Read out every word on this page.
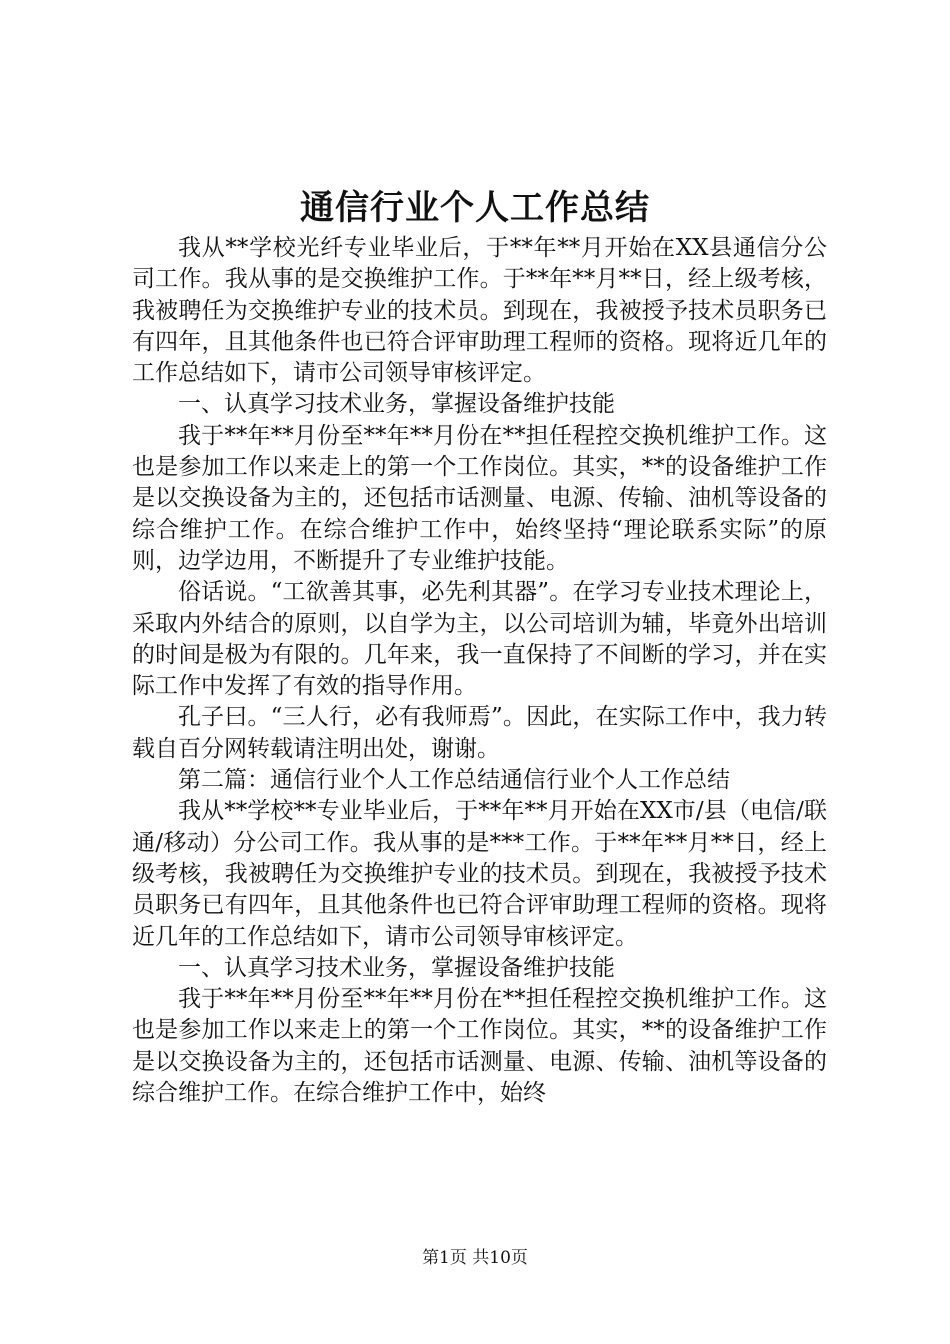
通信行业个人工作总结

我从**学校光纤专业毕业后，于**年**月开始在XX县通信分公司工作。我从事的是交换维护工作。于**年**月**日，经上级考核，我被聘任为交换维护专业的技术员。到现在，我被授予技术员职务已有四年，且其他条件也已符合评审助理工程师的资格。现将近几年的工作总结如下，请市公司领导审核评定。

一、认真学习技术业务，掌握设备维护技能

我于**年**月份至**年**月份在**担任程控交换机维护工作。这也是参加工作以来走上的第一个工作岗位。其实，**的设备维护工作是以交换设备为主的，还包括市话测量、电源、传输、油机等设备的综合维护工作。在综合维护工作中，始终坚持“理论联系实际”的原则，边学边用，不断提升了专业维护技能。

俗话说。“工欲善其事，必先利其器”。在学习专业技术理论上，采取内外结合的原则，以自学为主，以公司培训为辅，毕竟外出培训的时间是极为有限的。几年来，我一直保持了不间断的学习，并在实际工作中发挥了有效的指导作用。

孔子曰。“三人行，必有我师焉”。因此，在实际工作中，我力转载自百分网转载请注明出处，谢谢。

第二篇：通信行业个人工作总结通信行业个人工作总结

我从**学校**专业毕业后，于**年**月开始在XX市/县（电信/联通/移动）分公司工作。我从事的是***工作。于**年**月**日，经上级考核，我被聘任为交换维护专业的技术员。到现在，我被授予技术员职务已有四年，且其他条件也已符合评审助理工程师的资格。现将近几年的工作总结如下，请市公司领导审核评定。

一、认真学习技术业务，掌握设备维护技能

我于**年**月份至**年**月份在**担任程控交换机维护工作。这也是参加工作以来走上的第一个工作岗位。其实，**的设备维护工作是以交换设备为主的，还包括市话测量、电源、传输、油机等设备的综合维护工作。在综合维护工作中，始终

第1页 共10页
